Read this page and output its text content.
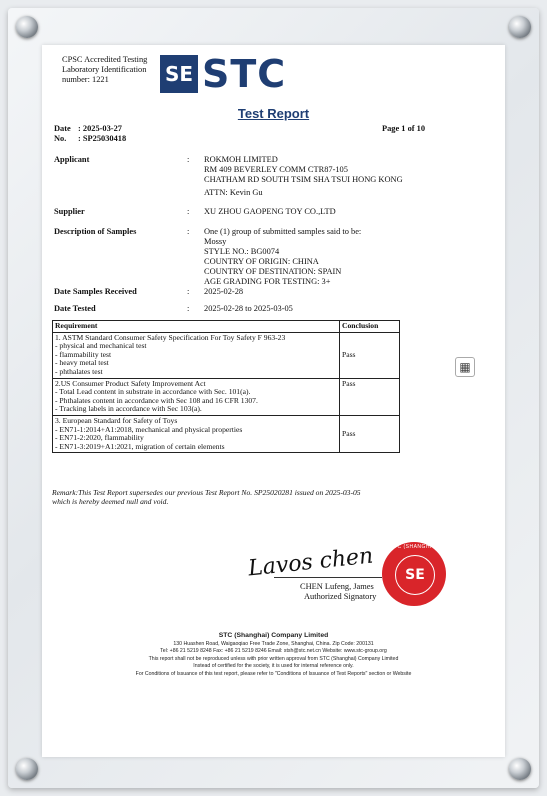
CPSC Accredited Testing
Laboratory Identification
number: 1221	SE STC
Test Report
Date : 2025-03-27
No. : SP25030418
Page 1 of 10
Applicant	: ROKMOH LIMITED
RM 409 BEVERLEY COMM CTR87-105
CHATHAM RD SOUTH TSIM SHA TSUI HONG KONG
ATTN: Kevin Gu
Supplier	: XU ZHOU GAOPENG TOY CO.,LTD
Description of Samples	: One (1) group of submitted samples said to be:
Mossy
STYLE NO.: BG0074
COUNTRY OF ORIGIN: CHINA
COUNTRY OF DESTINATION: SPAIN
AGE GRADING FOR TESTING: 3+
Date Samples Received	: 2025-02-28
Date Tested	: 2025-02-28 to 2025-03-05
Requirement	Conclusion

1. ASTM Standard Consumer Safety Specification For Toy Safety F 963-23
- physical and mechanical test
- flammability test
- heavy metal test
- phthalates test	Pass

2.US Consumer Product Safety Improvement Act
- Total Lead content in substrate in accordance with Sec. 101(a).
- Phthalates content in accordance with Sec 108 and 16 CFR 1307.
- Tracking labels in accordance with Sec 103(a).	Pass

3. European Standard for Safety of Toys
- EN71-1:2014+A1:2018, mechanical and physical properties
- EN71-2:2020, flammability
- EN71-3:2019+A1:2021, migration of certain elements	Pass
Remark:This Test Report supersedes our previous Test Report No. SP25020281 issued on 2025-03-05
which is hereby deemed null and void.
Lavos chen
CHEN Lufeng, James
Authorized Signatory
STC (SHANGHAI)
SE
STC (Shanghai) Company Limited
130 Huashen Road, Waigaoqiao Free Trade Zone, Shanghai, China. Zip Code: 200131
Tel: +86 21 5219 8248 Fax: +86 21 5219 8246 Email: stsh@stc.net.cn Website: www.stc-group.org
This report shall not be reproduced unless with prior written approval from STC (Shanghai) Company Limited
Instead of certified for the society, it is used for internal reference only.
For Conditions of Issuance of this test report, please refer to "Conditions of Issuance of Test Reports" section or Website
▦
